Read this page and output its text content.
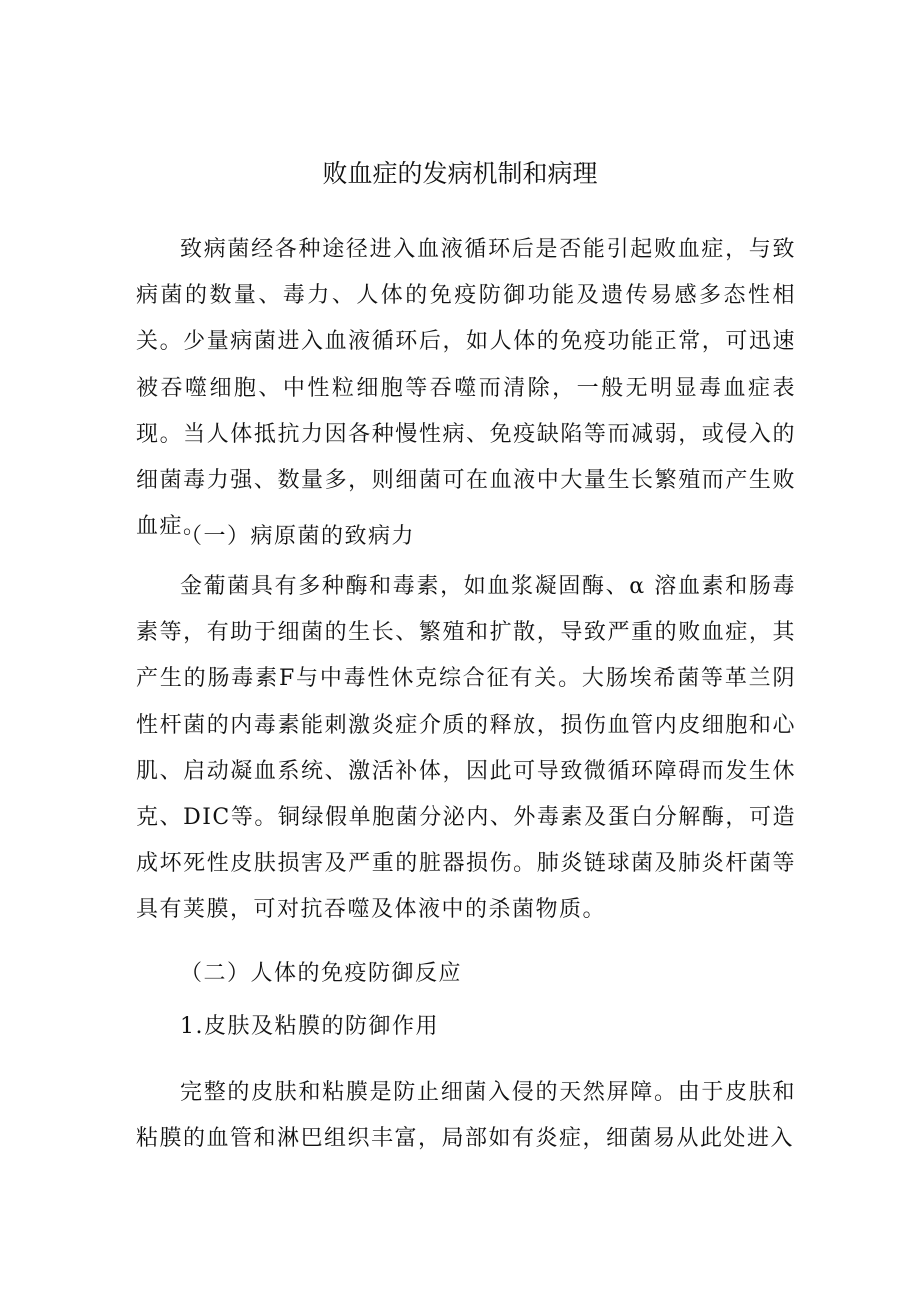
败血症的发病机制和病理

致病菌经各种途径进入血液循环后是否能引起败血症，与致病菌的数量、毒力、人体的免疫防御功能及遗传易感多态性相关。少量病菌进入血液循环后，如人体的免疫功能正常，可迅速被吞噬细胞、中性粒细胞等吞噬而清除，一般无明显毒血症表现。当人体抵抗力因各种慢性病、免疫缺陷等而减弱，或侵入的细菌毒力强、数量多，则细菌可在血液中大量生长繁殖而产生败血症。

（一）病原菌的致病力

金葡菌具有多种酶和毒素，如血浆凝固酶、α 溶血素和肠毒素等，有助于细菌的生长、繁殖和扩散，导致严重的败血症，其产生的肠毒素F与中毒性休克综合征有关。大肠埃希菌等革兰阴性杆菌的内毒素能刺激炎症介质的释放，损伤血管内皮细胞和心肌、启动凝血系统、激活补体，因此可导致微循环障碍而发生休克、DIC等。铜绿假单胞菌分泌内、外毒素及蛋白分解酶，可造成坏死性皮肤损害及严重的脏器损伤。肺炎链球菌及肺炎杆菌等具有荚膜，可对抗吞噬及体液中的杀菌物质。

（二）人体的免疫防御反应

1.皮肤及粘膜的防御作用

完整的皮肤和粘膜是防止细菌入侵的天然屏障。由于皮肤和粘膜的血管和淋巴组织丰富，局部如有炎症，细菌易从此处进入
